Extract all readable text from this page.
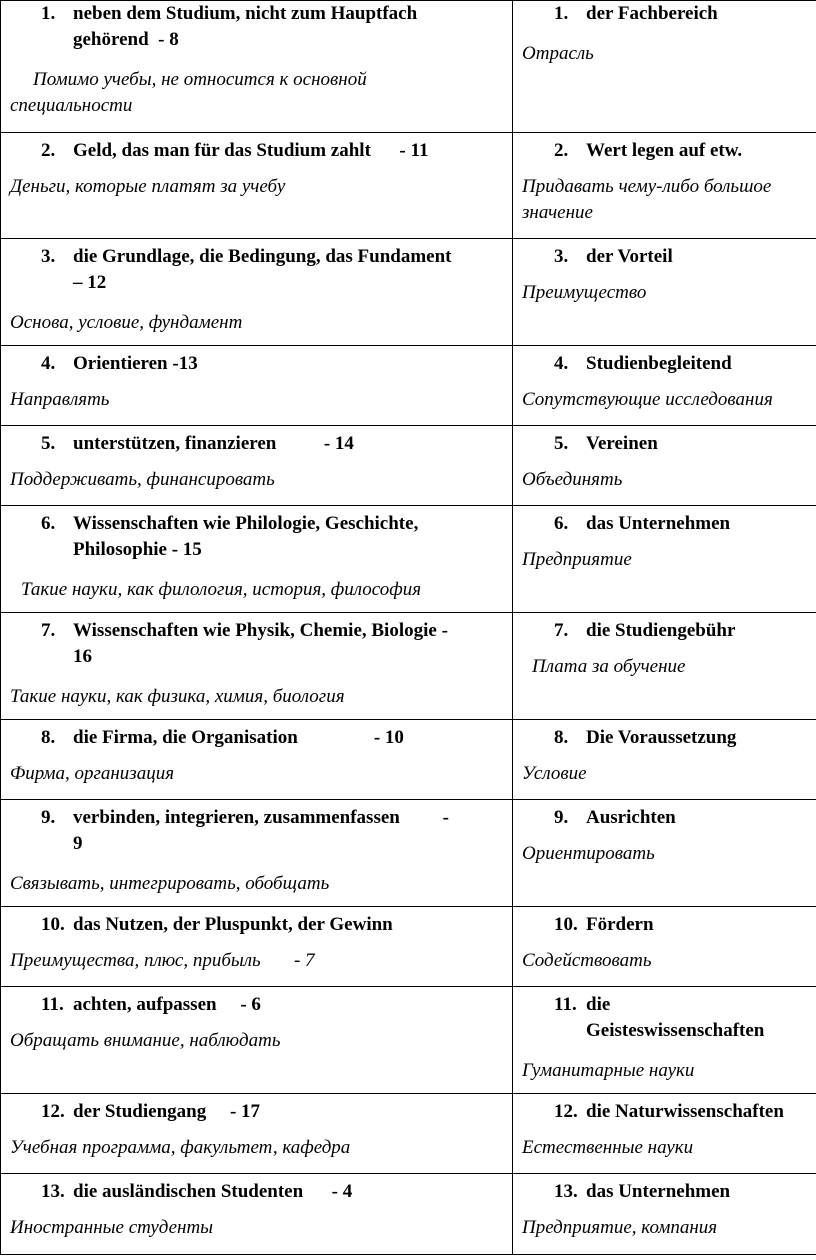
1. neben dem Studium, nicht zum Hauptfach
gehörend  - 8
Помимо учебы, не относится к основной
специальности	1. der Fachbereich
Отрасль

2. Geld, das man für das Studium zahlt      - 11
Деньги, которые платят за учебу	2. Wert legen auf etw.
Придавать чему-либо большое
значение

3. die Grundlage, die Bedingung, das Fundament
– 12
Основа, условие, фундамент	3. der Vorteil
Преимущество

4. Orientieren -13
Направлять	4. Studienbegleitend
Сопутствующие исследования

5. unterstützen, finanzieren          - 14
Поддерживать, финансировать	5. Vereinen
Объединять

6. Wissenschaften wie Philologie, Geschichte,
Philosophie - 15
Такие науки, как филология, история, философия	6. das Unternehmen
Предприятие

7. Wissenschaften wie Physik, Chemie, Biologie -
16
Такие науки, как физика, химия, биология	7. die Studiengebühr
Плата за обучение

8. die Firma, die Organisation                - 10
Фирма, организация	8. Die Voraussetzung
Условие

9. verbinden, integrieren, zusammenfassen         -
9
Связывать, интегрировать, обобщать	9. Ausrichten
Ориентировать

10. das Nutzen, der Pluspunkt, der Gewinn
Преимущества, плюс, прибыль       - 7	10. Fördern
Содействовать

11. achten, aufpassen     - 6
Обращать внимание, наблюдать	11. die
Geisteswissenschaften
Гуманитарные науки

12. der Studiengang     - 17
Учебная программа, факультет, кафедра	12. die Naturwissenschaften
Естественные науки

13. die ausländischen Studenten      - 4
Иностранные студенты	13. das Unternehmen
Предприятие, компания
